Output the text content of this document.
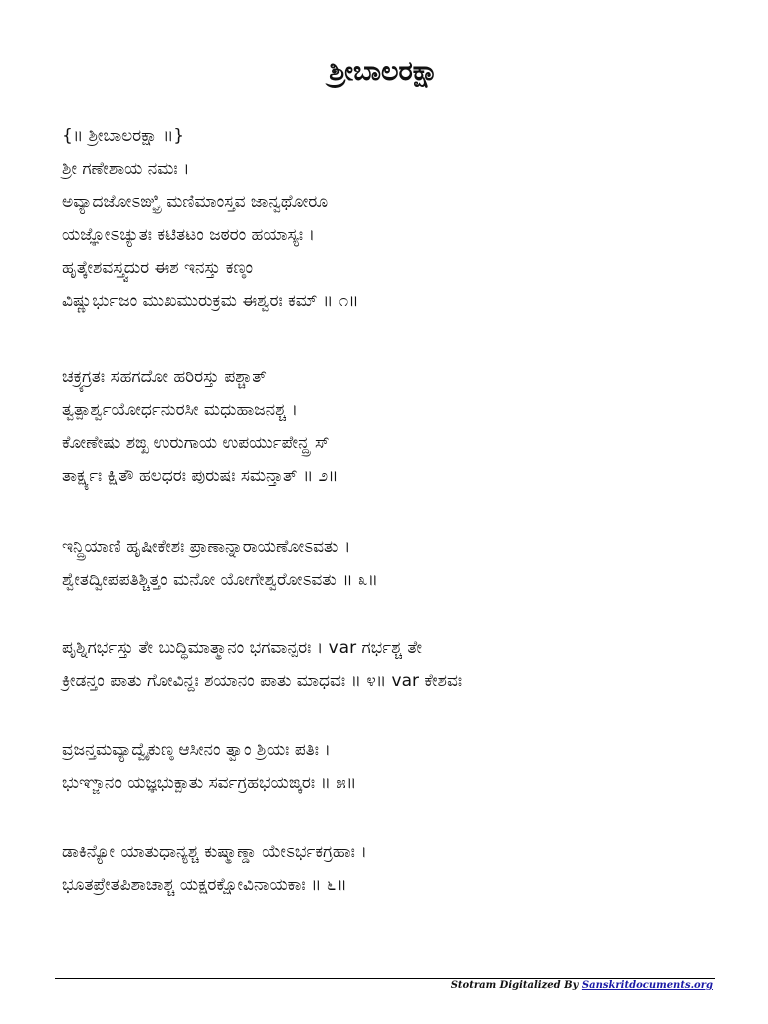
ಶ್ರೀಬಾಲರಕ್ಷಾ
{॥ ಶ್ರೀಬಾಲರಕ್ಷಾ ॥}
ಶ್ರೀ ಗಣೇಶಾಯ ನಮಃ ।
ಅವ್ಯಾದಜೋಽಙ್ಘ್ರಿ ಮಣಿಮಾಂಸ್ತವ ಜಾನ್ವಥೋರೂ
ಯಜ್ಞೋಽಚ್ಯುತಃ ಕಟಿತಟಂ ಜಠರಂ ಹಯಾಸ್ಯಃ ।
ಹೃತ್ಕೇಶವಸ್ತ್ವದುರ ಈಶ ಇನಸ್ತು ಕಣ್ಠಂ
ವಿಷ್ಣುರ್ಭುಜಂ ಮುಖಮುರುಕ್ರಮ ಈಶ್ವರಃ ಕಮ್ ॥ ೧॥
ಚಕ್ರ್ಯಗ್ರತಃ ಸಹಗದೋ ಹರಿರಸ್ತು ಪಶ್ಚಾತ್
ತ್ವತ್ಪಾರ್ಶ್ವಯೋರ್ಧನುರಸೀ ಮಧುಹಾಜನಶ್ಚ ।
ಕೋಣೇಷು ಶಙ್ಖ ಉರುಗಾಯ ಉಪರ್ಯುಪೇನ್ದ್ರ ಸ್
ತಾರ್ಕ್ಷ್ಯಃ ಕ್ಷಿತೌ ಹಲಧರಃ ಪುರುಷಃ ಸಮನ್ತಾತ್ ॥ ೨॥
ಇನ್ದ್ರಿಯಾಣಿ ಹೃಷೀಕೇಶಃ ಪ್ರಾಣಾನ್ನಾರಾಯಣೋಽವತು ।
ಶ್ವೇತದ್ವೀಪಪತಿಶ್ಚಿತ್ತಂ ಮನೋ ಯೋಗೇಶ್ವರೋಽವತು ॥ ೩॥
ಪೃಶ್ನಿಗರ್ಭಸ್ತು ತೇ ಬುದ್ಧಿಮಾತ್ಮಾನಂ ಭಗವಾನ್ಪರಃ । var ಗರ್ಭಶ್ಚ ತೇ
ಕ್ರೀಡನ್ತಂ ಪಾತು ಗೋವಿನ್ದಃ ಶಯಾನಂ ಪಾತು ಮಾಧವಃ ॥ ೪॥ var ಕೇಶವಃ
ವ್ರಜನ್ತಮವ್ಯಾದ್ವೈಕುಣ್ಠ ಆಸೀನಂ ತ್ವಾಂ ಶ್ರಿಯಃ ಪತಿಃ ।
ಭುಞ್ಜಾನಂ ಯಜ್ಞಭುಕ್ಪಾತು ಸರ್ವಗ್ರಹಭಯಙ್ಕರಃ ॥ ೫॥
ಡಾಕಿನ್ಯೋ ಯಾತುಧಾನ್ಯಶ್ಚ ಕುಷ್ಮಾಣ್ಡಾ ಯೇಽರ್ಭಕಗ್ರಹಾಃ ।
ಭೂತಪ್ರೇತಪಿಶಾಚಾಶ್ಚ ಯಕ್ಷರಕ್ಷೋವಿನಾಯಕಾಃ ॥ ೬॥
Stotram Digitalized By Sanskritdocuments.org
